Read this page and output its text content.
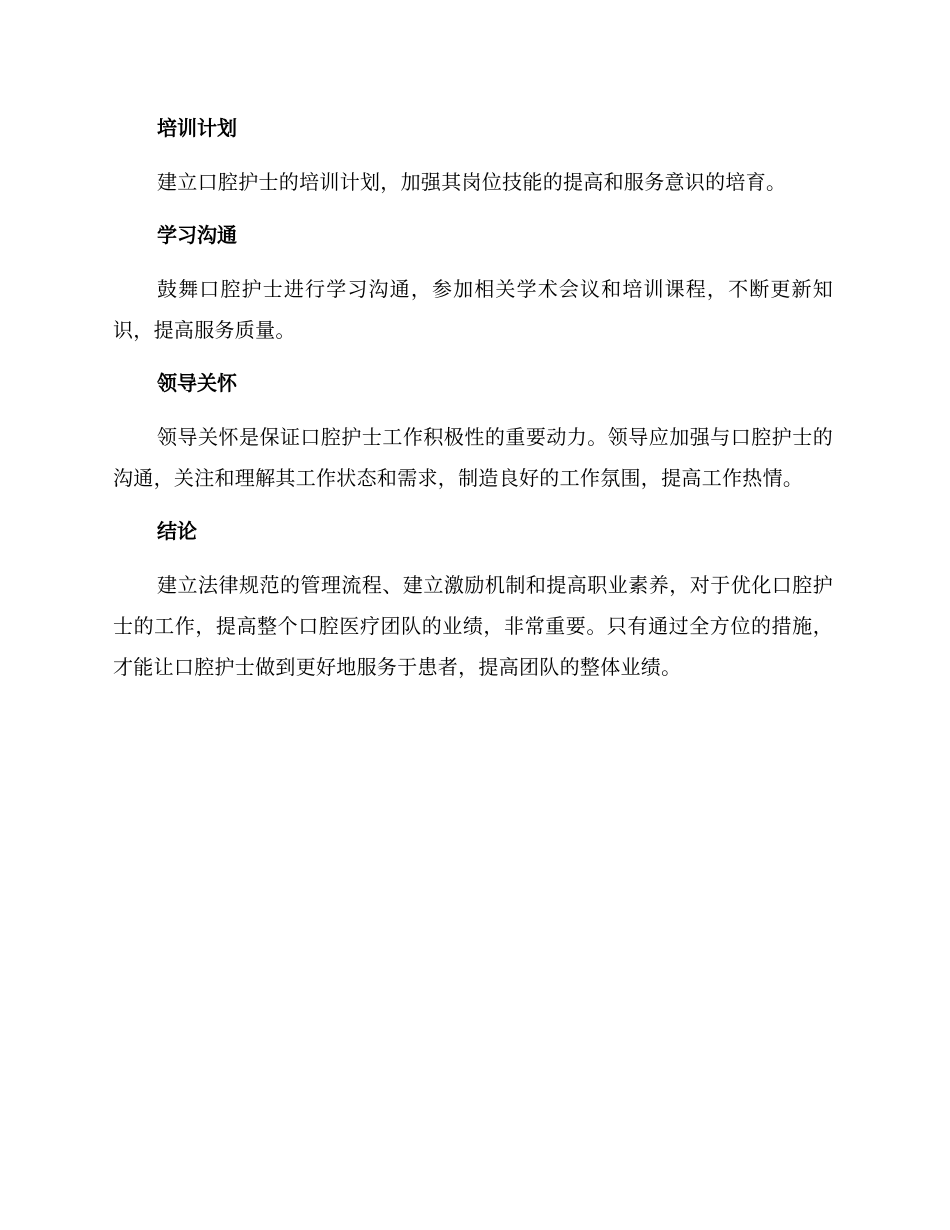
培训计划

建立口腔护士的培训计划，加强其岗位技能的提高和服务意识的培育。

学习沟通

鼓舞口腔护士进行学习沟通，参加相关学术会议和培训课程，不断更新知识，提高服务质量。

领导关怀

领导关怀是保证口腔护士工作积极性的重要动力。领导应加强与口腔护士的沟通，关注和理解其工作状态和需求，制造良好的工作氛围，提高工作热情。

结论

建立法律规范的管理流程、建立激励机制和提高职业素养，对于优化口腔护士的工作，提高整个口腔医疗团队的业绩，非常重要。只有通过全方位的措施，才能让口腔护士做到更好地服务于患者，提高团队的整体业绩。
